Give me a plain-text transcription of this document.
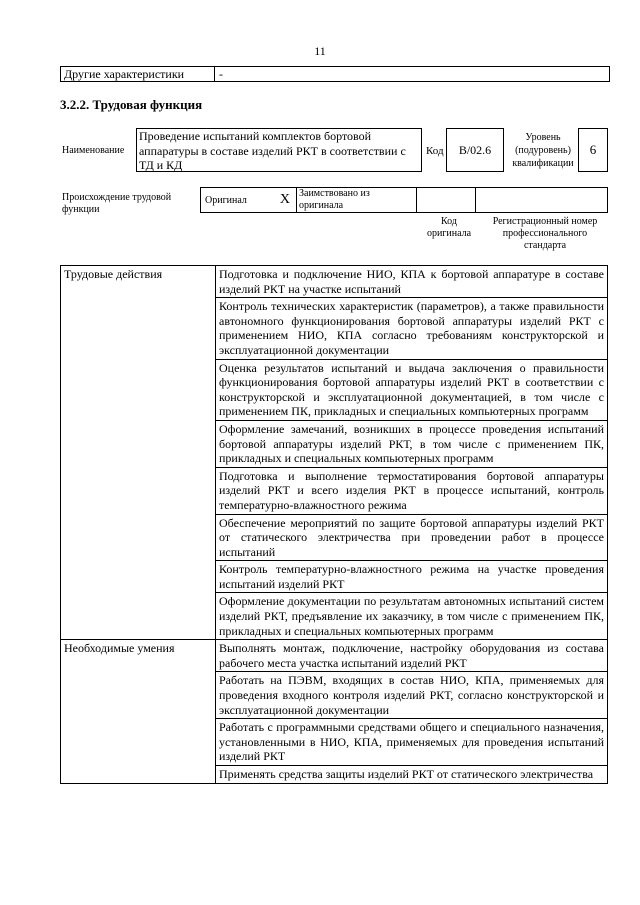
11
Другие характеристики	-
3.2.2. Трудовая функция
Наименование
Проведение испытаний комплектов бортовой аппаратуры в составе изделий РКТ в соответствии с ТД и КД
Код	B/02.6
Уровень (подуровень) квалификации
6
Происхождение трудовой функции
Оригинал X Заимствовано из оригинала
Код оригинала
Регистрационный номер профессионального стандарта
Трудовые действия	Подготовка и подключение НИО, КПА к бортовой аппаратуре в составе изделий РКТ на участке испытаний
	Контроль технических характеристик (параметров), а также правильности автономного функционирования бортовой аппаратуры изделий РКТ с применением НИО, КПА согласно требованиям конструкторской и эксплуатационной документации
	Оценка результатов испытаний и выдача заключения о правильности функционирования бортовой аппаратуры изделий РКТ в соответствии с конструкторской и эксплуатационной документацией, в том числе с применением ПК, прикладных и специальных компьютерных программ
	Оформление замечаний, возникших в процессе проведения испытаний бортовой аппаратуры изделий РКТ, в том числе с применением ПК, прикладных и специальных компьютерных программ
	Подготовка и выполнение термостатирования бортовой аппаратуры изделий РКТ и всего изделия РКТ в процессе испытаний, контроль температурно-влажностного режима
	Обеспечение мероприятий по защите бортовой аппаратуры изделий РКТ от статического электричества при проведении работ в процессе испытаний
	Контроль температурно-влажностного режима на участке проведения испытаний изделий РКТ
	Оформление документации по результатам автономных испытаний систем изделий РКТ, предъявление их заказчику, в том числе с применением ПК, прикладных и специальных компьютерных программ
Необходимые умения	Выполнять монтаж, подключение, настройку оборудования из состава рабочего места участка испытаний изделий РКТ
	Работать на ПЭВМ, входящих в состав НИО, КПА, применяемых для проведения входного контроля изделий РКТ, согласно конструкторской и эксплуатационной документации
	Работать с программными средствами общего и специального назначения, установленными в НИО, КПА, применяемых для проведения испытаний изделий РКТ
	Применять средства защиты изделий РКТ от статического электричества
